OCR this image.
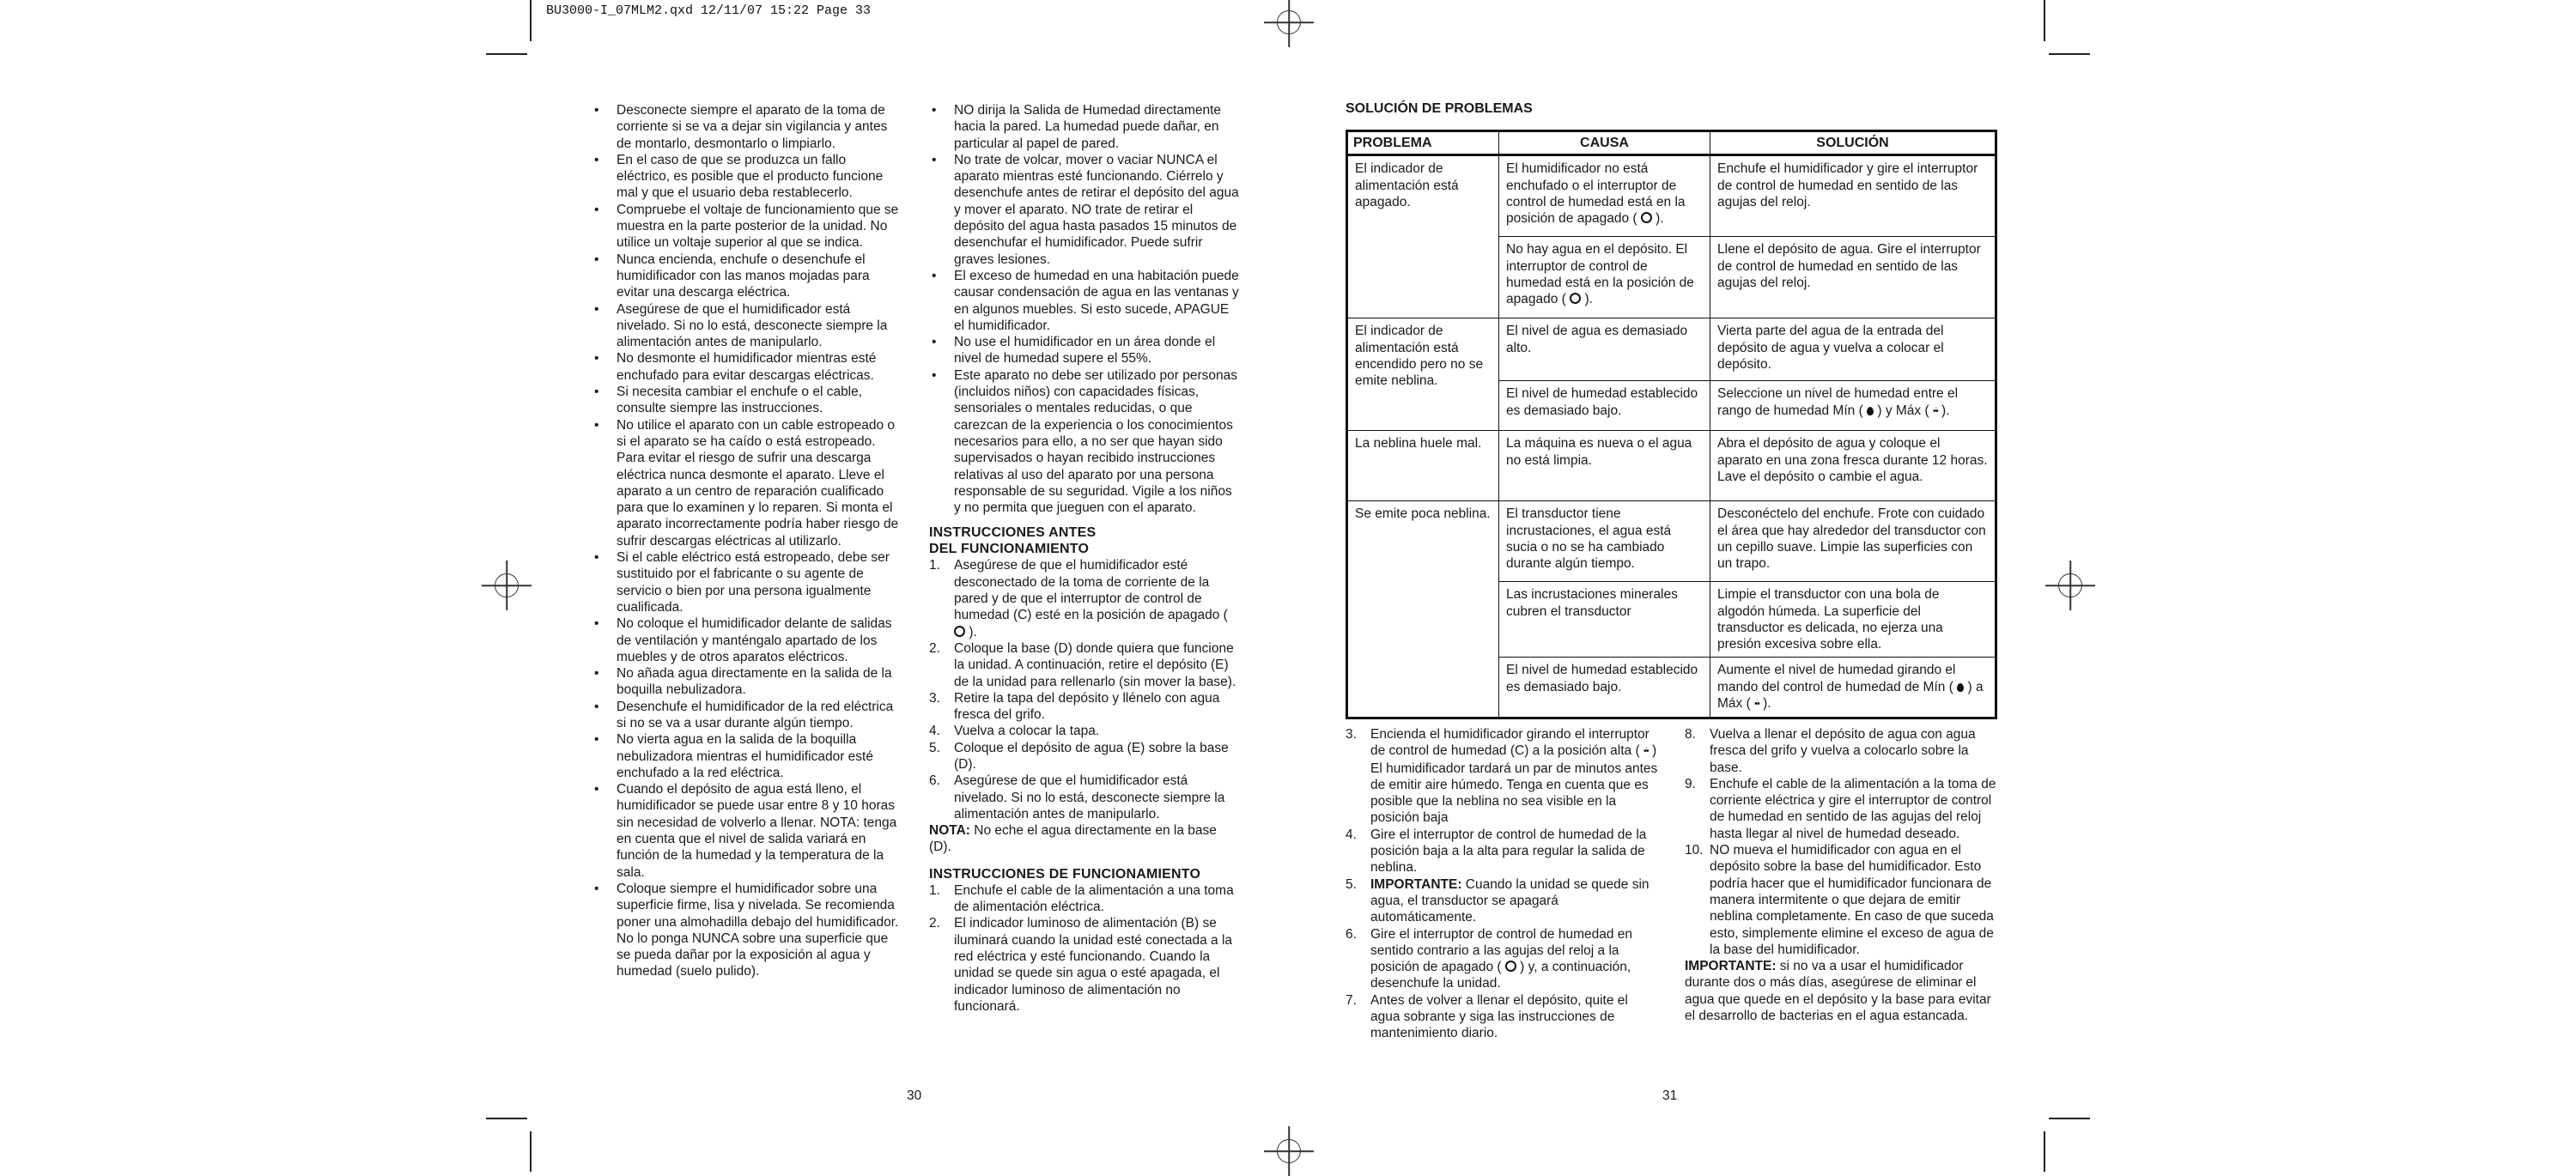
BU3000-I_07MLM2.qxd 12/11/07 15:22 Page 33
• Desconecte siempre el aparato de la toma de corriente si se va a dejar sin vigilancia y antes de montarlo, desmontarlo o limpiarlo.
• En el caso de que se produzca un fallo eléctrico, es posible que el producto funcione mal y que el usuario deba restablecerlo.
• Compruebe el voltaje de funcionamiento que se muestra en la parte posterior de la unidad. No utilice un voltaje superior al que se indica.
• Nunca encienda, enchufe o desenchufe el humidificador con las manos mojadas para evitar una descarga eléctrica.
• Asegúrese de que el humidificador está nivelado. Si no lo está, desconecte siempre la alimentación antes de manipularlo.
• No desmonte el humidificador mientras esté enchufado para evitar descargas eléctricas.
• Si necesita cambiar el enchufe o el cable, consulte siempre las instrucciones.
• No utilice el aparato con un cable estropeado o si el aparato se ha caído o está estropeado. Para evitar el riesgo de sufrir una descarga eléctrica nunca desmonte el aparato. Lleve el aparato a un centro de reparación cualificado para que lo examinen y lo reparen. Si monta el aparato incorrectamente podría haber riesgo de sufrir descargas eléctricas al utilizarlo.
• Si el cable eléctrico está estropeado, debe ser sustituido por el fabricante o su agente de servicio o bien por una persona igualmente cualificada.
• No coloque el humidificador delante de salidas de ventilación y manténgalo apartado de los muebles y de otros aparatos eléctricos.
• No añada agua directamente en la salida de la boquilla nebulizadora.
• Desenchufe el humidificador de la red eléctrica si no se va a usar durante algún tiempo.
• No vierta agua en la salida de la boquilla nebulizadora mientras el humidificador esté enchufado a la red eléctrica.
• Cuando el depósito de agua está lleno, el humidificador se puede usar entre 8 y 10 horas sin necesidad de volverlo a llenar. NOTA: tenga en cuenta que el nivel de salida variará en función de la humedad y la temperatura de la sala.
• Coloque siempre el humidificador sobre una superficie firme, lisa y nivelada. Se recomienda poner una almohadilla debajo del humidificador. No lo ponga NUNCA sobre una superficie que se pueda dañar por la exposición al agua y humedad (suelo pulido).
• NO dirija la Salida de Humedad directamente hacia la pared. La humedad puede dañar, en particular al papel de pared.
• No trate de volcar, mover o vaciar NUNCA el aparato mientras esté funcionando. Ciérrelo y desenchufe antes de retirar el depósito del agua y mover el aparato. NO trate de retirar el depósito del agua hasta pasados 15 minutos de desenchufar el humidificador. Puede sufrir graves lesiones.
• El exceso de humedad en una habitación puede causar condensación de agua en las ventanas y en algunos muebles. Si esto sucede, APAGUE el humidificador.
• No use el humidificador en un área donde el nivel de humedad supere el 55%.
• Este aparato no debe ser utilizado por personas (incluidos niños) con capacidades físicas, sensoriales o mentales reducidas, o que carezcan de la experiencia o los conocimientos necesarios para ello, a no ser que hayan sido supervisados o hayan recibido instrucciones relativas al uso del aparato por una persona responsable de su seguridad. Vigile a los niños y no permita que jueguen con el aparato.
INSTRUCCIONES ANTES
DEL FUNCIONAMIENTO
1. Asegúrese de que el humidificador esté desconectado de la toma de corriente de la pared y de que el interruptor de control de humedad (C) esté en la posición de apagado (  ).
2. Coloque la base (D) donde quiera que funcione la unidad. A continuación, retire el depósito (E) de la unidad para rellenarlo (sin mover la base).
3. Retire la tapa del depósito y llénelo con agua fresca del grifo.
4. Vuelva a colocar la tapa.
5. Coloque el depósito de agua (E) sobre la base (D).
6. Asegúrese de que el humidificador está nivelado. Si no lo está, desconecte siempre la alimentación antes de manipularlo.
NOTA: No eche el agua directamente en la base (D).
INSTRUCCIONES DE FUNCIONAMIENTO
1. Enchufe el cable de la alimentación a una toma de alimentación eléctrica.
2. El indicador luminoso de alimentación (B) se iluminará cuando la unidad esté conectada a la red eléctrica y esté funcionando. Cuando la unidad se quede sin agua o esté apagada, el indicador luminoso de alimentación no funcionará.
SOLUCIÓN DE PROBLEMAS
PROBLEMA	CAUSA	SOLUCIÓN
El indicador de alimentación está apagado.	El humidificador no está enchufado o el interruptor de control de humedad está en la posición de apagado ( ).	Enchufe el humidificador y gire el interruptor de control de humedad en sentido de las agujas del reloj.
	No hay agua en el depósito. El interruptor de control de humedad está en la posición de apagado ( ).	Llene el depósito de agua. Gire el interruptor de control de humedad en sentido de las agujas del reloj.
El indicador de alimentación está encendido pero no se emite neblina.	El nivel de agua es demasiado alto.	Vierta parte del agua de la entrada del depósito de agua y vuelva a colocar el depósito.
	El nivel de humedad establecido es demasiado bajo.	Seleccione un nivel de humedad entre el rango de humedad Mín ( ) y Máx ( •̇• ).
La neblina huele mal.	La máquina es nueva o el agua no está limpia.	Abra el depósito de agua y coloque el aparato en una zona fresca durante 12 horas. Lave el depósito o cambie el agua.
Se emite poca neblina.	El transductor tiene incrustaciones, el agua está sucia o no se ha cambiado durante algún tiempo.	Desconéctelo del enchufe. Frote con cuidado el área que hay alrededor del transductor con un cepillo suave. Limpie las superficies con un trapo.
	Las incrustaciones minerales cubren el transductor	Limpie el transductor con una bola de algodón húmeda. La superficie del transductor es delicada, no ejerza una presión excesiva sobre ella.
	El nivel de humedad establecido es demasiado bajo.	Aumente el nivel de humedad girando el mando del control de humedad de Mín ( ) a Máx ( •̇• ).
3. Encienda el humidificador girando el interruptor de control de humedad (C) a la posición alta ( •̇• ) El humidificador tardará un par de minutos antes de emitir aire húmedo. Tenga en cuenta que es posible que la neblina no sea visible en la posición baja
4. Gire el interruptor de control de humedad de la posición baja a la alta para regular la salida de neblina.
5. IMPORTANTE: Cuando la unidad se quede sin agua, el transductor se apagará automáticamente.
6. Gire el interruptor de control de humedad en sentido contrario a las agujas del reloj a la posición de apagado ( ) y, a continuación, desenchufe la unidad.
7. Antes de volver a llenar el depósito, quite el agua sobrante y siga las instrucciones de mantenimiento diario.
8. Vuelva a llenar el depósito de agua con agua fresca del grifo y vuelva a colocarlo sobre la base.
9. Enchufe el cable de la alimentación a la toma de corriente eléctrica y gire el interruptor de control de humedad en sentido de las agujas del reloj hasta llegar al nivel de humedad deseado.
10. NO mueva el humidificador con agua en el depósito sobre la base del humidificador. Esto podría hacer que el humidificador funcionara de manera intermitente o que dejara de emitir neblina completamente. En caso de que suceda esto, simplemente elimine el exceso de agua de la base del humidificador.
IMPORTANTE: si no va a usar el humidificador durante dos o más días, asegúrese de eliminar el agua que quede en el depósito y la base para evitar el desarrollo de bacterias en el agua estancada.
30	31
